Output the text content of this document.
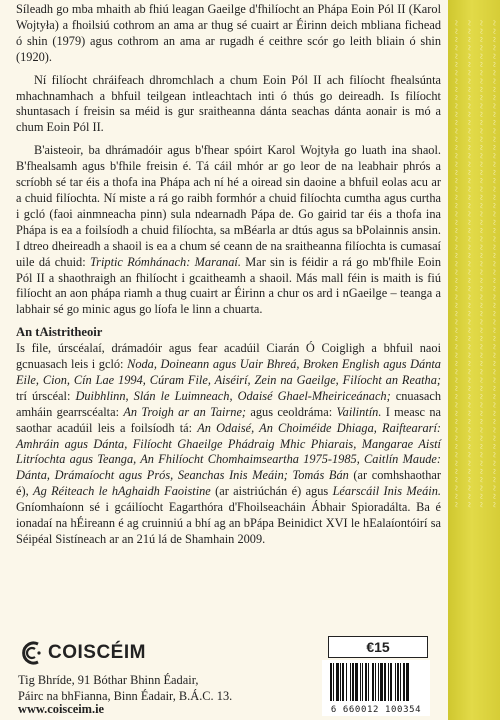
Síleadh go mba mhaith ab fhiú leagan Gaeilge d'fhilíocht an Phápa Eoin Pól II (Karol Wojtyła) a fhoilsiú cothrom an ama ar thug sé cuairt ar Éirinn deich mbliana fichead ó shin (1979) agus cothrom an ama ar rugadh é ceithre scór go leith bliain ó shin (1920).

Ní filíocht chráifeach dhromchlach a chum Eoin Pól II ach filíocht fhealsúnta mhachnamhach a bhfuil teilgean intleachtach inti ó thús go deireadh. Is filíocht shuntasach í freisin sa méid is gur sraitheanna dánta seachas dánta aonair is mó a chum Eoin Pól II.

B'aisteoir, ba dhrámadóir agus b'fhear spóirt Karol Wojtyła go luath ina shaol. B'fhealsamh agus b'fhile freisin é. Tá cáil mhór ar go leor de na leabhair phrós a scríobh sé tar éis a thofa ina Phápa ach ní hé a oiread sin daoine a bhfuil eolas acu ar a chuid filíochta. Ní miste a rá go raibh formhór a chuid filíochta cumtha agus curtha i gcló (faoi ainmneacha pinn) sula ndearnadh Pápa de. Go gairid tar éis a thofa ina Phápa is ea a foilsíodh a chuid filíochta, sa mBéarla ar dtús agus sa bPolainnis ansin. I dtreo dheireadh a shaoil is ea a chum sé ceann de na sraitheanna filíochta is cumasaí uile dá chuid: Triptic Rómhánach: Maranaí. Mar sin is féidir a rá go mb'fhile Eoin Pól II a shaothraigh an fhilíocht i gcaitheamh a shaoil. Más mall féin is maith is fiú filíocht an aon phápa riamh a thug cuairt ar Éirinn a chur os ard i nGaeilge – teanga a labhair sé go minic agus go líofa le linn a chuarta.

An tAistritheoir

Is file, úrscéalaí, drámadóir agus fear acadúil Ciarán Ó Coigligh a bhfuil naoi gcnuasach leis i gcló: Noda, Doineann agus Uair Bhreá, Broken English agus Dánta Eile, Cion, Cín Lae 1994, Cúram File, Aiséirí, Zein na Gaeilge, Filíocht an Reatha; trí úrscéal: Duibhlinn, Slán le Luimneach, Odaisé Ghael-Mheiriceánach; cnuasach amháin gearrscéalta: An Troigh ar an Tairne; agus ceoldráma: Vailintín. I measc na saothar acadúil leis a foilsíodh tá: An Odaisé, An Choiméide Dhiaga, Raifteararí: Amhráin agus Dánta, Filíocht Ghaeilge Phádraig Mhic Phiarais, Mangarae Aistí Litríochta agus Teanga, An Fhilíocht Chomhaimseartha 1975-1985, Caitlín Maude: Dánta, Drámaíocht agus Prós, Seanchas Inis Meáin; Tomás Bán (ar comhshaothar é), Ag Réiteach le hAghaidh Faoistine (ar aistriúchán é) agus Léarscáil Inis Meáin. Gníomhaíonn sé i gcáilíocht Eagarthóra d'Fhoilseacháin Ábhair Spioradálta. Ba é ionadaí na hÉireann é ag cruinniú a bhí ag an bPápa Beinidict XVI le hEalaíontóirí sa Séipéal Sistíneach ar an 21ú lá de Shamhain 2009.

~ ~ ~ ~ ~ ~ ~ ~ ~ ~ ~ ~ ~ ~ ~ ~ ~ ~ ~ ~ ~ ~ ~ ~ ~ ~ ~ ~ ~ ~ ~ ~ ~ ~ ~ ~ ~ ~ ~ ~ ~ ~ ~ ~ ~ ~ ~ ~ ~ ~ ~ ~ ~ ~ ~ ~ ~ ~ ~
~ ~ ~ ~ ~ ~ ~ ~ ~ ~ ~ ~ ~ ~ ~ ~ ~ ~ ~ ~ ~ ~ ~ ~ ~ ~ ~ ~ ~ ~ ~ ~ ~ ~ ~ ~ ~ ~ ~ ~ ~ ~ ~ ~ ~ ~ ~ ~ ~ ~ ~ ~ ~ ~ ~ ~ ~ ~ ~
~ ~ ~ ~ ~ ~ ~ ~ ~ ~ ~ ~ ~ ~ ~ ~ ~ ~ ~ ~ ~ ~ ~ ~ ~ ~ ~ ~ ~ ~ ~ ~ ~ ~ ~ ~ ~ ~ ~ ~ ~ ~ ~ ~ ~ ~ ~ ~ ~ ~ ~ ~ ~ ~ ~ ~ ~ ~ ~
~ ~ ~ ~ ~ ~ ~ ~ ~ ~ ~ ~ ~ ~ ~ ~ ~ ~ ~ ~ ~ ~ ~ ~ ~ ~ ~ ~ ~ ~ ~ ~ ~ ~ ~ ~ ~ ~ ~ ~ ~ ~ ~ ~ ~ ~ ~ ~ ~ ~ ~ ~ ~ ~ ~ ~ ~ ~ ~
COISCÉIM
Tig Bhríde, 91 Bóthar Bhinn Éadair,
Páirc na bhFianna, Binn Éadair, B.Á.C. 13.
www.coisceim.ie
€15
6 660012 100354
